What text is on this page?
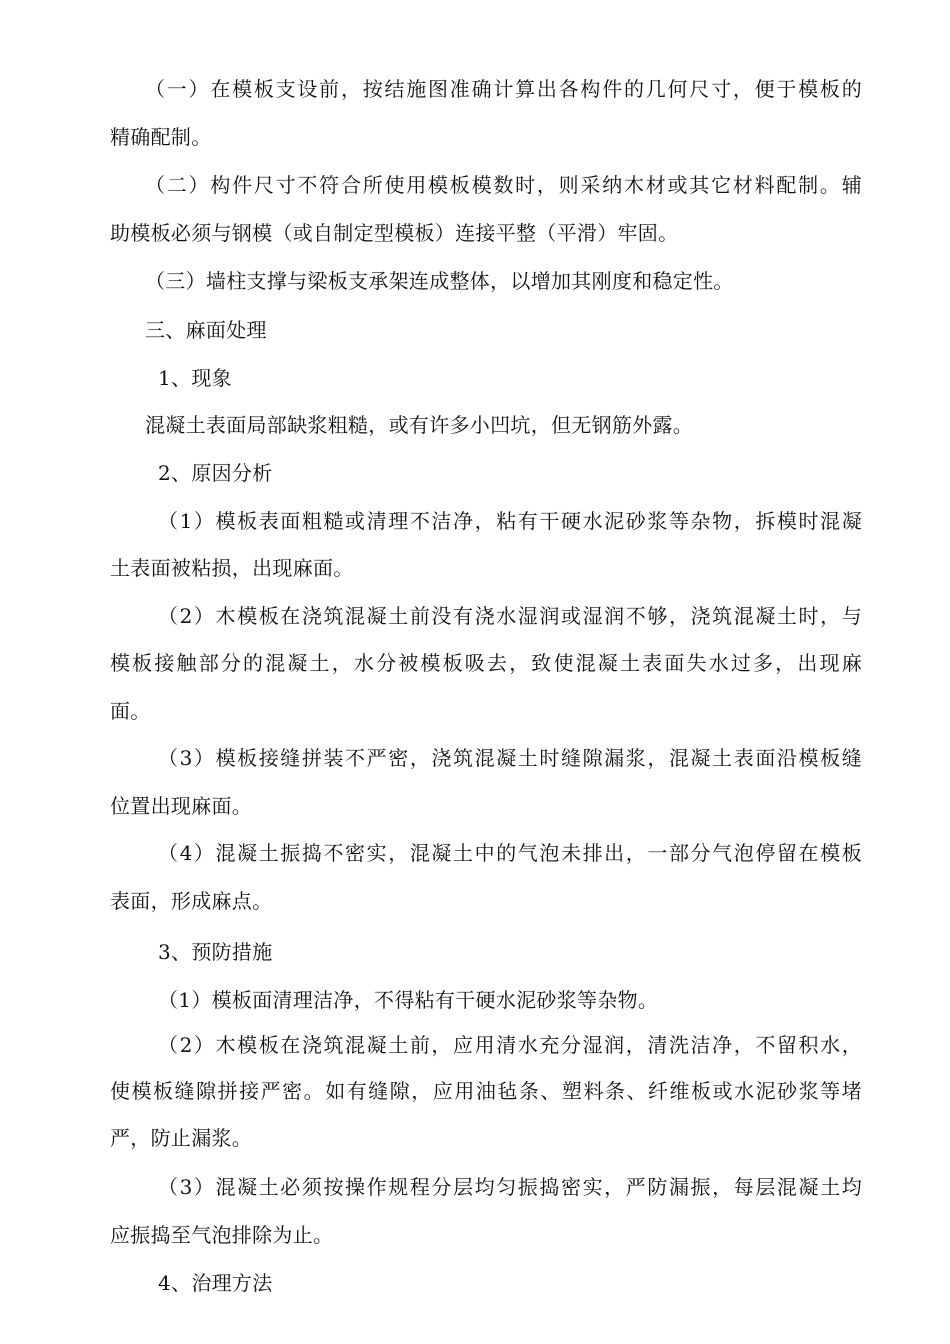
（一）在模板支设前，按结施图准确计算出各构件的几何尺寸，便于模板的
精确配制。
（二）构件尺寸不符合所使用模板模数时，则采纳木材或其它材料配制。辅
助模板必须与钢模（或自制定型模板）连接平整（平滑）牢固。
（三）墙柱支撑与梁板支承架连成整体，以增加其刚度和稳定性。
三、麻面处理
1、现象
混凝土表面局部缺浆粗糙，或有许多小凹坑，但无钢筋外露。
2、原因分析
（1）模板表面粗糙或清理不洁净，粘有干硬水泥砂浆等杂物，拆模时混凝
土表面被粘损，出现麻面。
（2）木模板在浇筑混凝土前没有浇水湿润或湿润不够，浇筑混凝土时，与
模板接触部分的混凝土，水分被模板吸去，致使混凝土表面失水过多，出现麻
面。
（3）模板接缝拼装不严密，浇筑混凝土时缝隙漏浆，混凝土表面沿模板缝
位置出现麻面。
（4）混凝土振捣不密实，混凝土中的气泡未排出，一部分气泡停留在模板
表面，形成麻点。
3、预防措施
（1）模板面清理洁净，不得粘有干硬水泥砂浆等杂物。
（2）木模板在浇筑混凝土前，应用清水充分湿润，清洗洁净，不留积水，
使模板缝隙拼接严密。如有缝隙，应用油毡条、塑料条、纤维板或水泥砂浆等堵
严，防止漏浆。
（3）混凝土必须按操作规程分层均匀振捣密实，严防漏振，每层混凝土均
应振捣至气泡排除为止。
4、治理方法
